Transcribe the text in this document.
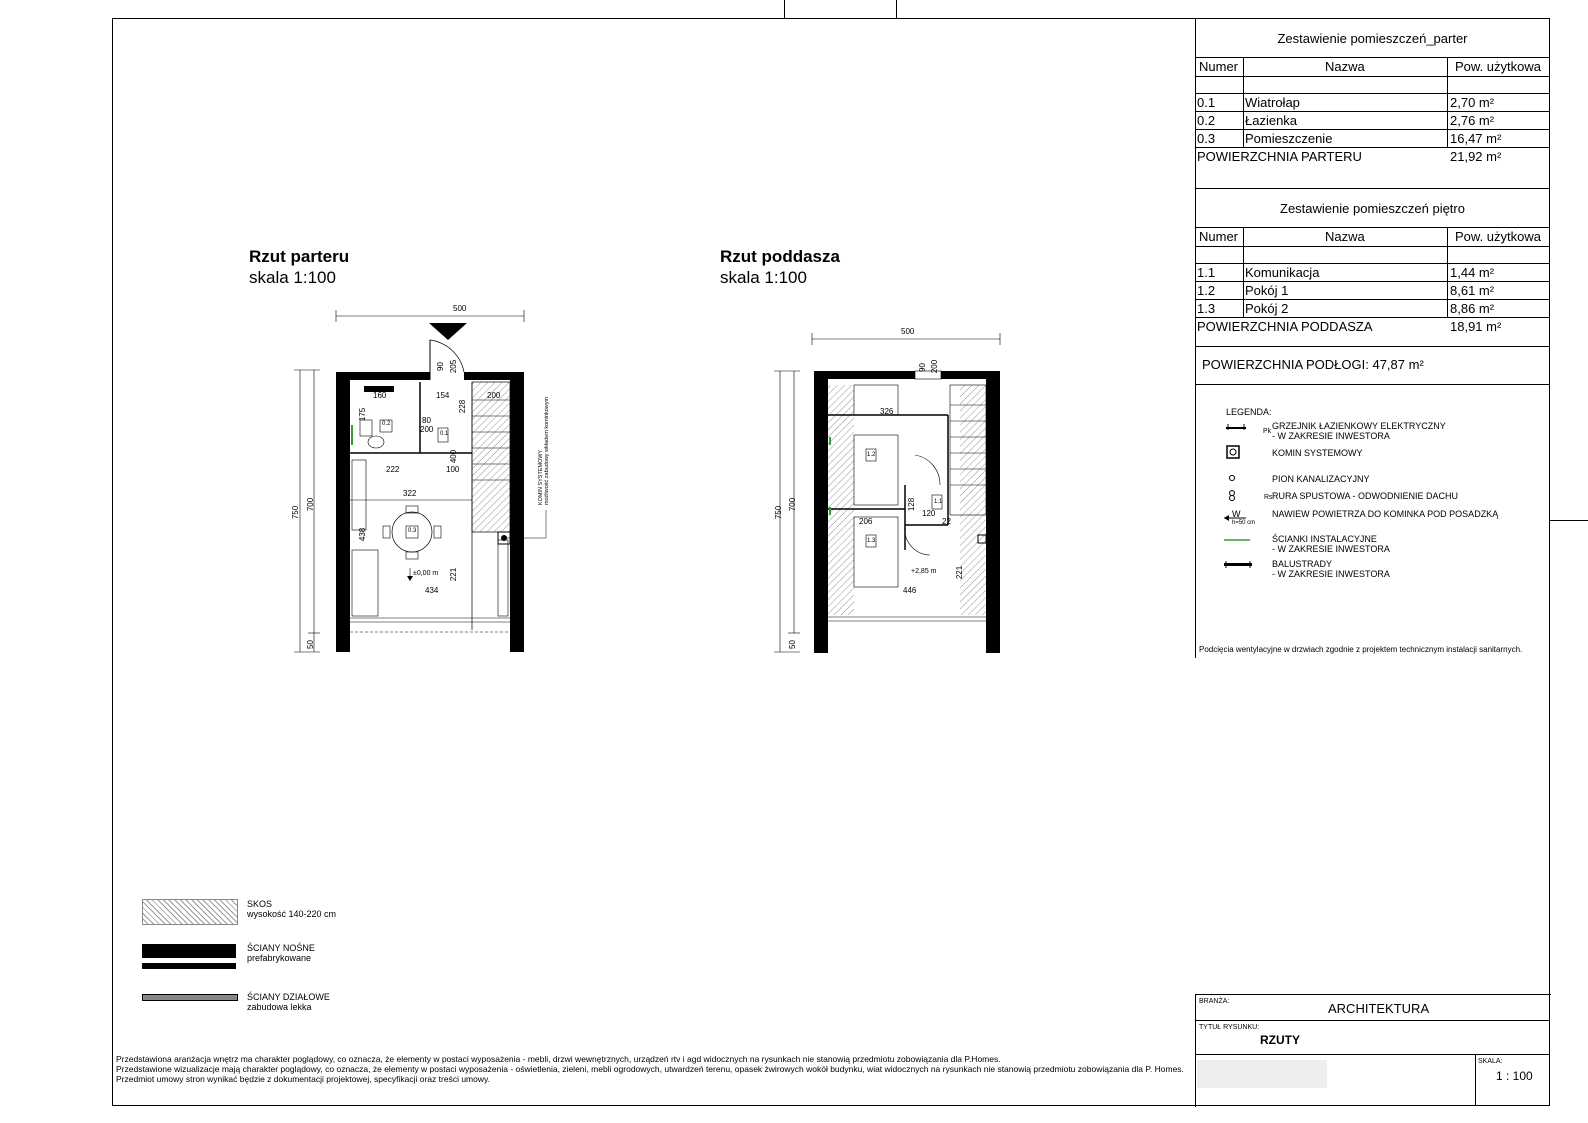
Zestawienie pomieszczeń_parter
Numer	Nazwa	Pow. użytkowa
0.1 Wiatrołap	2,70 m²
0.2 Łazienka	2,76 m²
0.3 Pomieszczenie	16,47 m²
POWIERZCHNIA PARTERU	21,92 m²
Zestawienie pomieszczeń piętro
Numer	Nazwa	Pow. użytkowa
1.1 Komunikacja	1,44 m²
1.2 Pokój 1	8,61 m²
1.3 Pokój 2	8,86 m²
POWIERZCHNIA PODDASZA	18,91 m²
POWIERZCHNIA PODŁOGI: 47,87 m²
LEGENDA:
Pk
Rs
W
h=50 cm
GRZEJNIK ŁAZIENKOWY ELEKTRYCZNY
- W ZAKRESIE INWESTORA
KOMIN SYSTEMOWY
PION KANALIZACYJNY
RURA SPUSTOWA - ODWODNIENIE DACHU
NAWIEW POWIETRZA DO KOMINKA POD POSADZKĄ
ŚCIANKI INSTALACYJNE
- W ZAKRESIE INWESTORA
BALUSTRADY
- W ZAKRESIE INWESTORA
Podcięcia wentylacyjne w drzwiach zgodnie z projektem technicznym instalacji sanitarnych.
Rzut parteru
skala 1:100
Rzut poddasza
skala 1:100
500
750
700
50
160	154	200
222
322
100
400
434
221
438
175
90 205
228
80
200
±0,00 m
0.2
0.1
0.3
KOMIN SYSTEMOWY możliwość zabudowy wkładem kominkowym
500
750
700
50
326
206
446
120
128
221
90 200
22
+2,85 m
1.2
1.1
1.3
SKOS
wysokość 140-220 cm
ŚCIANY NOŚNE
prefabrykowane
ŚCIANY DZIAŁOWE
zabudowa lekka
Przedstawiona aranżacja wnętrz ma charakter poglądowy, co oznacza, że elementy w postaci wyposażenia - mebli, drzwi wewnętrznych, urządzeń rtv i agd widocznych na rysunkach nie stanowią przedmiotu zobowiązania dla P.Homes.
Przedstawione wizualizacje mają charakter poglądowy, co oznacza, że elementy w postaci wyposażenia - oświetlenia, zieleni, mebli ogrodowych, utwardzeń terenu, opasek żwirowych wokół budynku, wiat widocznych na rysunkach nie stanowią przedmiotu zobowiązania dla P. Homes.
Przedmiot umowy stron wynikać będzie z dokumentacji projektowej, specyfikacji oraz treści umowy.
BRANŻA:	ARCHITEKTURA
TYTUŁ RYSUNKU:
RZUTY
SKALA:
1 : 100
